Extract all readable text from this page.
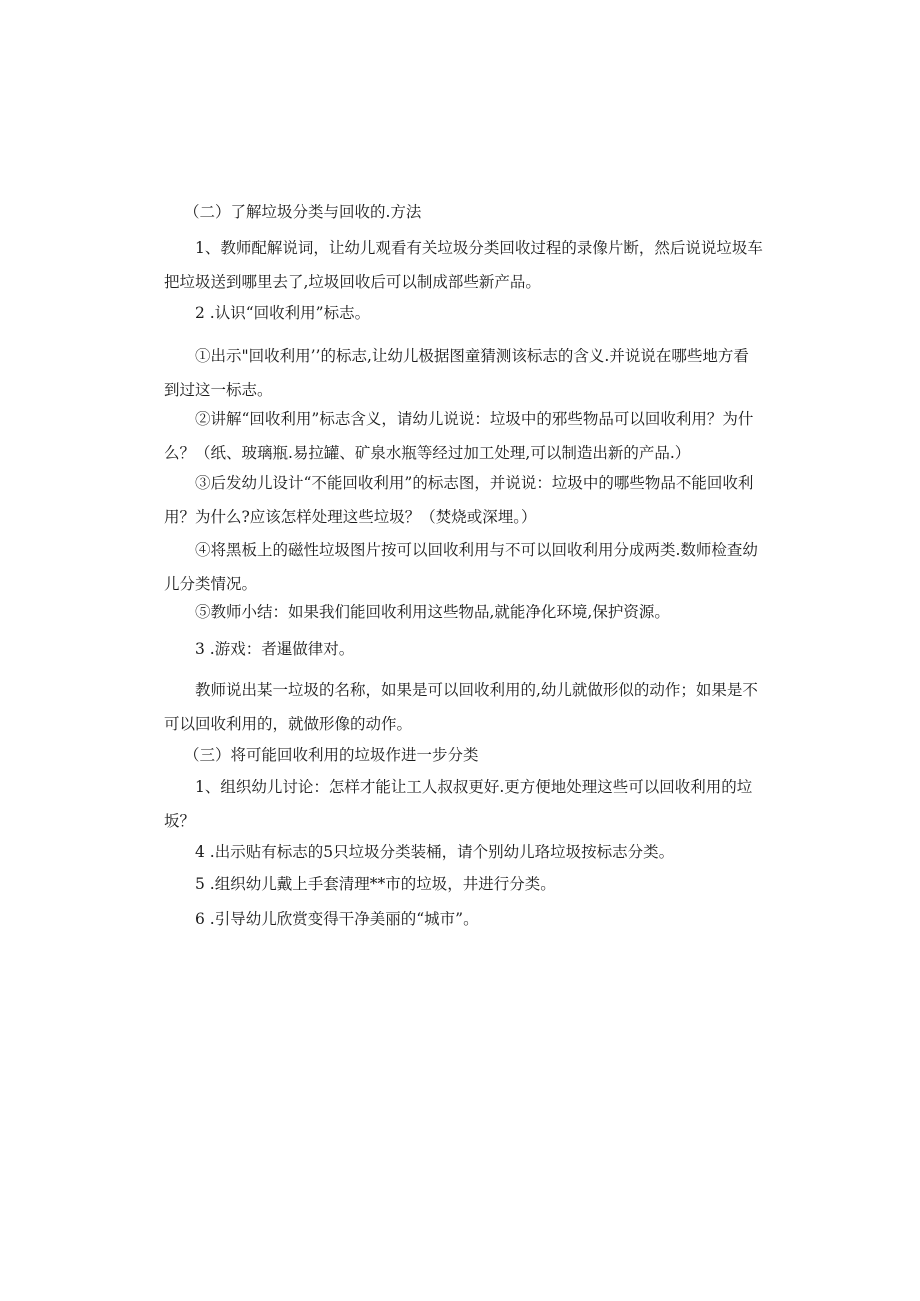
（二）了解垃圾分类与回收的.方法

1、教师配解说词，让幼儿观看有关垃圾分类回收过程的录像片断，然后说说垃圾车把垃圾送到哪里去了,垃圾回收后可以制成部些新产品。

2 .认识“回收利用”标志。

①出示"回收利用’’的标志,让幼儿极据图童猜测该标志的含义.并说说在哪些地方看到过这一标志。

②讲解“回收利用”标志含义，请幼儿说说：垃圾中的邪些物品可以回收利用？为什么？（纸、玻璃瓶.易拉罐、矿泉水瓶等经过加工处理,可以制造出新的产品.）

③后发幼儿设计“不能回收利用”的标志图，并说说：垃圾中的哪些物品不能回收利用？为什么?应该怎样处理这些垃圾？（焚烧或深埋。）

④将黑板上的磁性垃圾图片按可以回收利用与不可以回收利用分成两类.数师检查幼儿分类情况。

⑤教师小结：如果我们能回收利用这些物品,就能净化环境,保护资源。

3 .游戏：者暹做律对。

教师说出某一垃圾的名称，如果是可以回收利用的,幼儿就做形似的动作；如果是不可以回收利用的，就做形像的动作。

（三）将可能回收利用的垃圾作进一步分类

1、组织幼儿讨论：怎样才能让工人叔叔更好.更方便地处理这些可以回收利用的垃坂？

4 .出示贴有标志的5只垃圾分类装桶，请个别幼儿珞垃圾按标志分类。

5 .组织幼儿戴上手套清理**市的垃圾，井进行分类。

6 .引导幼儿欣赏变得干净美丽的“城市”。
